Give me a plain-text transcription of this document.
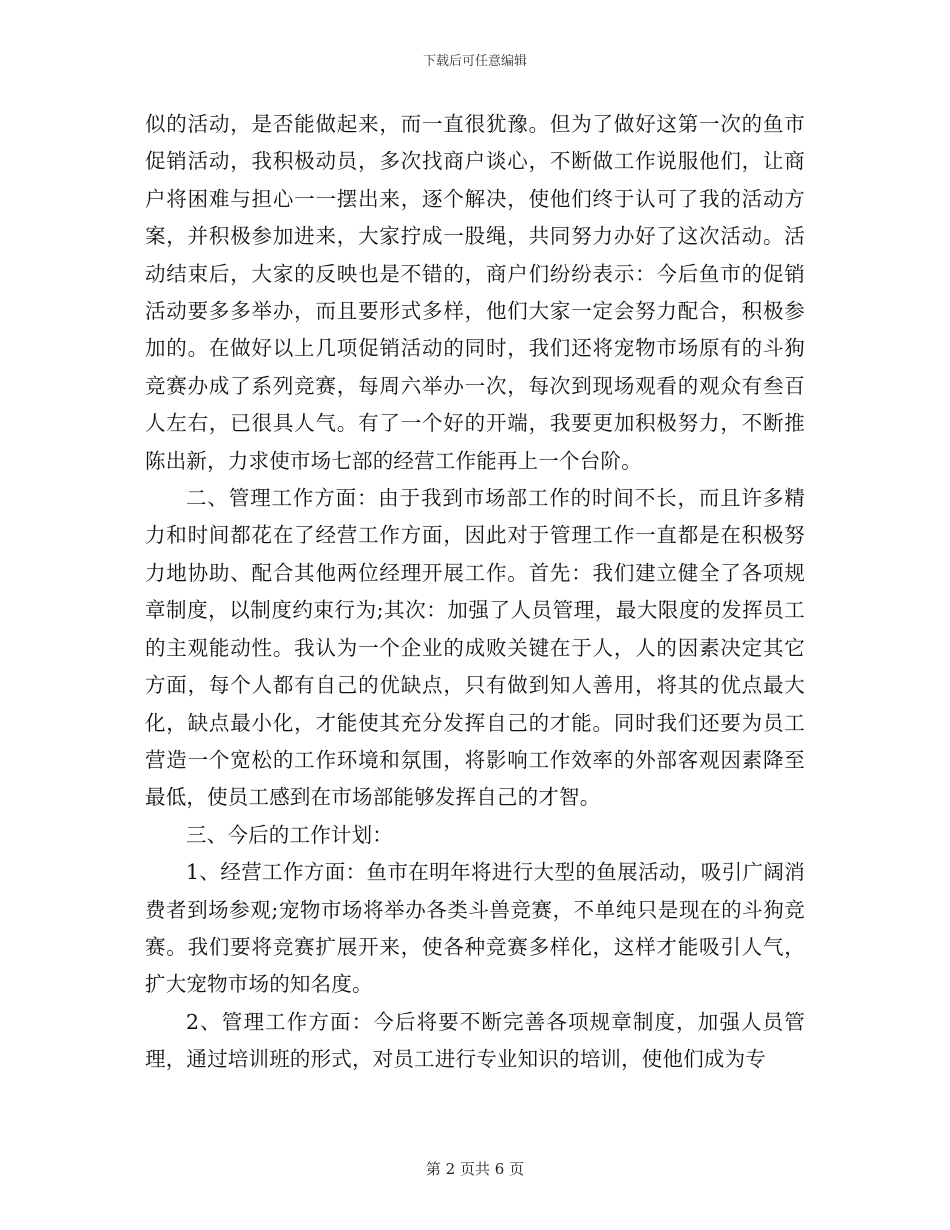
下载后可任意编辑

似的活动，是否能做起来，而一直很犹豫。但为了做好这第一次的鱼市促销活动，我积极动员，多次找商户谈心，不断做工作说服他们，让商户将困难与担心一一摆出来，逐个解决，使他们终于认可了我的活动方案，并积极参加进来，大家拧成一股绳，共同努力办好了这次活动。活动结束后，大家的反映也是不错的，商户们纷纷表示：今后鱼市的促销活动要多多举办，而且要形式多样，他们大家一定会努力配合，积极参加的。在做好以上几项促销活动的同时，我们还将宠物市场原有的斗狗竞赛办成了系列竞赛，每周六举办一次，每次到现场观看的观众有叁百人左右，已很具人气。有了一个好的开端，我要更加积极努力，不断推陈出新，力求使市场七部的经营工作能再上一个台阶。

二、管理工作方面：由于我到市场部工作的时间不长，而且许多精力和时间都花在了经营工作方面，因此对于管理工作一直都是在积极努力地协助、配合其他两位经理开展工作。首先：我们建立健全了各项规章制度，以制度约束行为;其次：加强了人员管理，最大限度的发挥员工的主观能动性。我认为一个企业的成败关键在于人，人的因素决定其它方面，每个人都有自己的优缺点，只有做到知人善用，将其的优点最大化，缺点最小化，才能使其充分发挥自己的才能。同时我们还要为员工营造一个宽松的工作环境和氛围，将影响工作效率的外部客观因素降至最低，使员工感到在市场部能够发挥自己的才智。

三、今后的工作计划：

1、经营工作方面：鱼市在明年将进行大型的鱼展活动，吸引广阔消费者到场参观;宠物市场将举办各类斗兽竞赛，不单纯只是现在的斗狗竞赛。我们要将竞赛扩展开来，使各种竞赛多样化，这样才能吸引人气，扩大宠物市场的知名度。

2、管理工作方面：今后将要不断完善各项规章制度，加强人员管理，通过培训班的形式，对员工进行专业知识的培训，使他们成为专

第 2 页共 6 页
